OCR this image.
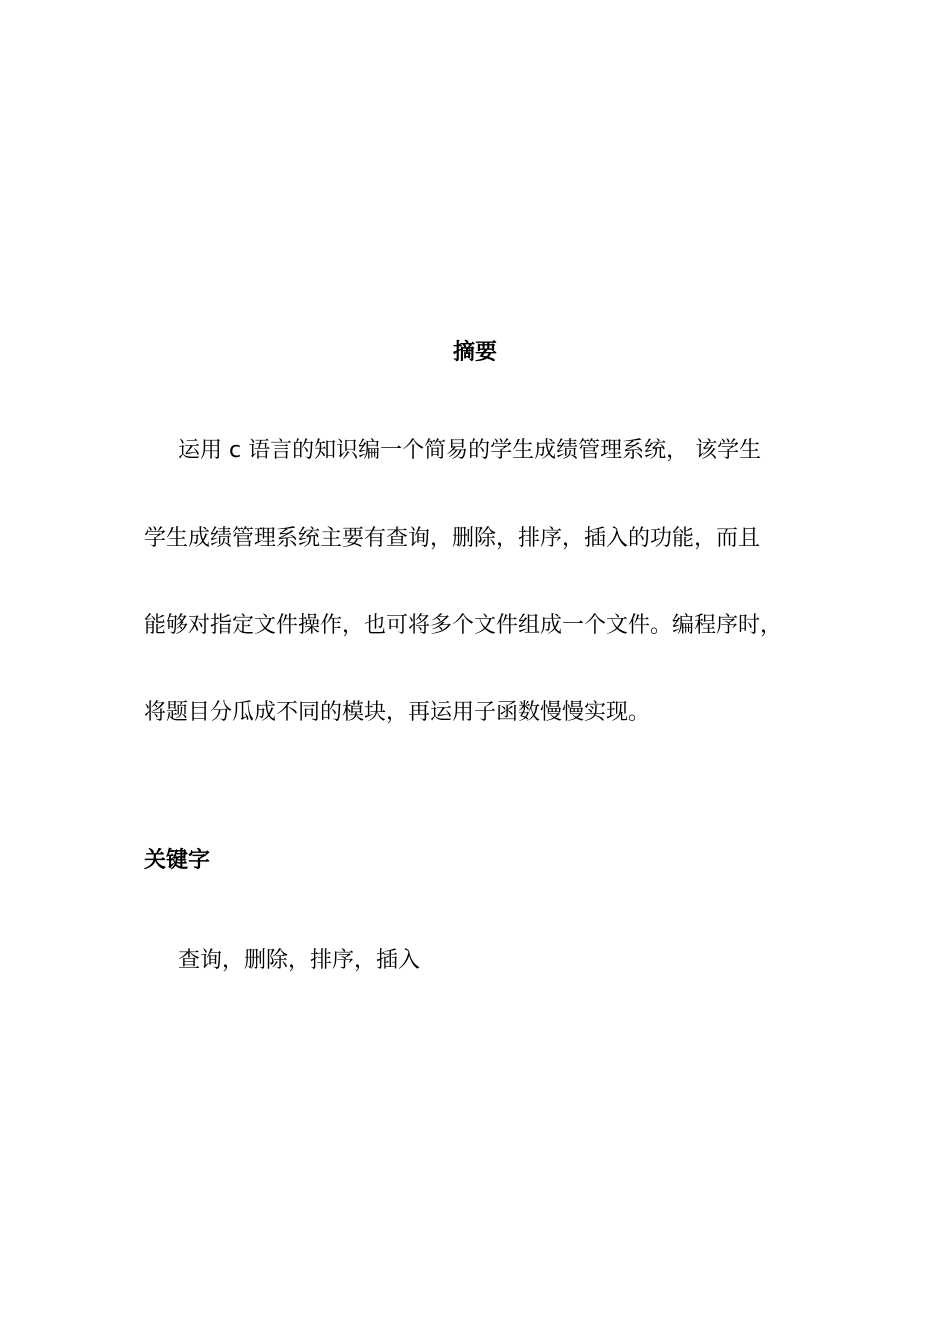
摘要
运用 c 语言的知识编一个简易的学生成绩管理系统， 该学生
学生成绩管理系统主要有查询，删除，排序，插入的功能，而且
能够对指定文件操作，也可将多个文件组成一个文件。编程序时，
将题目分瓜成不同的模块，再运用子函数慢慢实现。
关键字
查询，删除，排序，插入
